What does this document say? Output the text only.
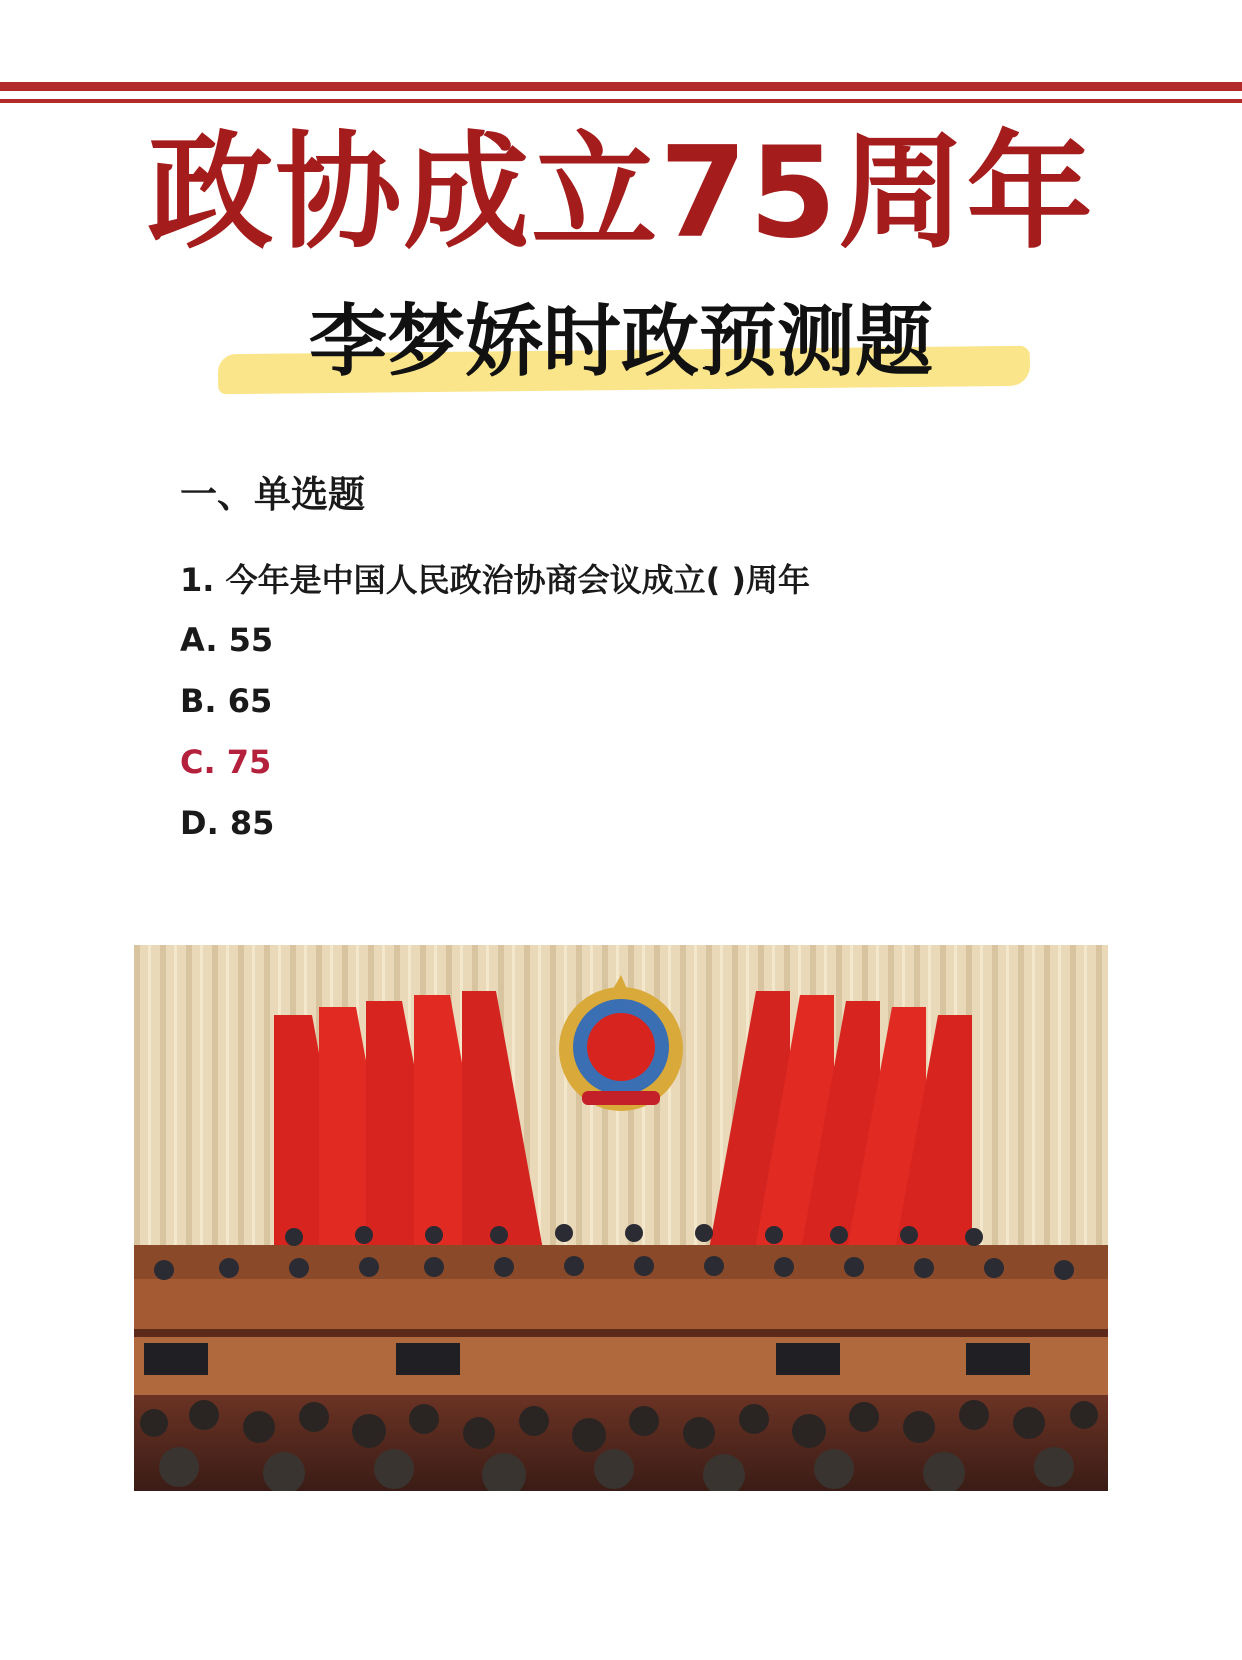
政协成立75周年
李梦娇时政预测题
一、单选题
1. 今年是中国人民政治协商会议成立( )周年
A. 55
B. 65
C. 75
D. 85
